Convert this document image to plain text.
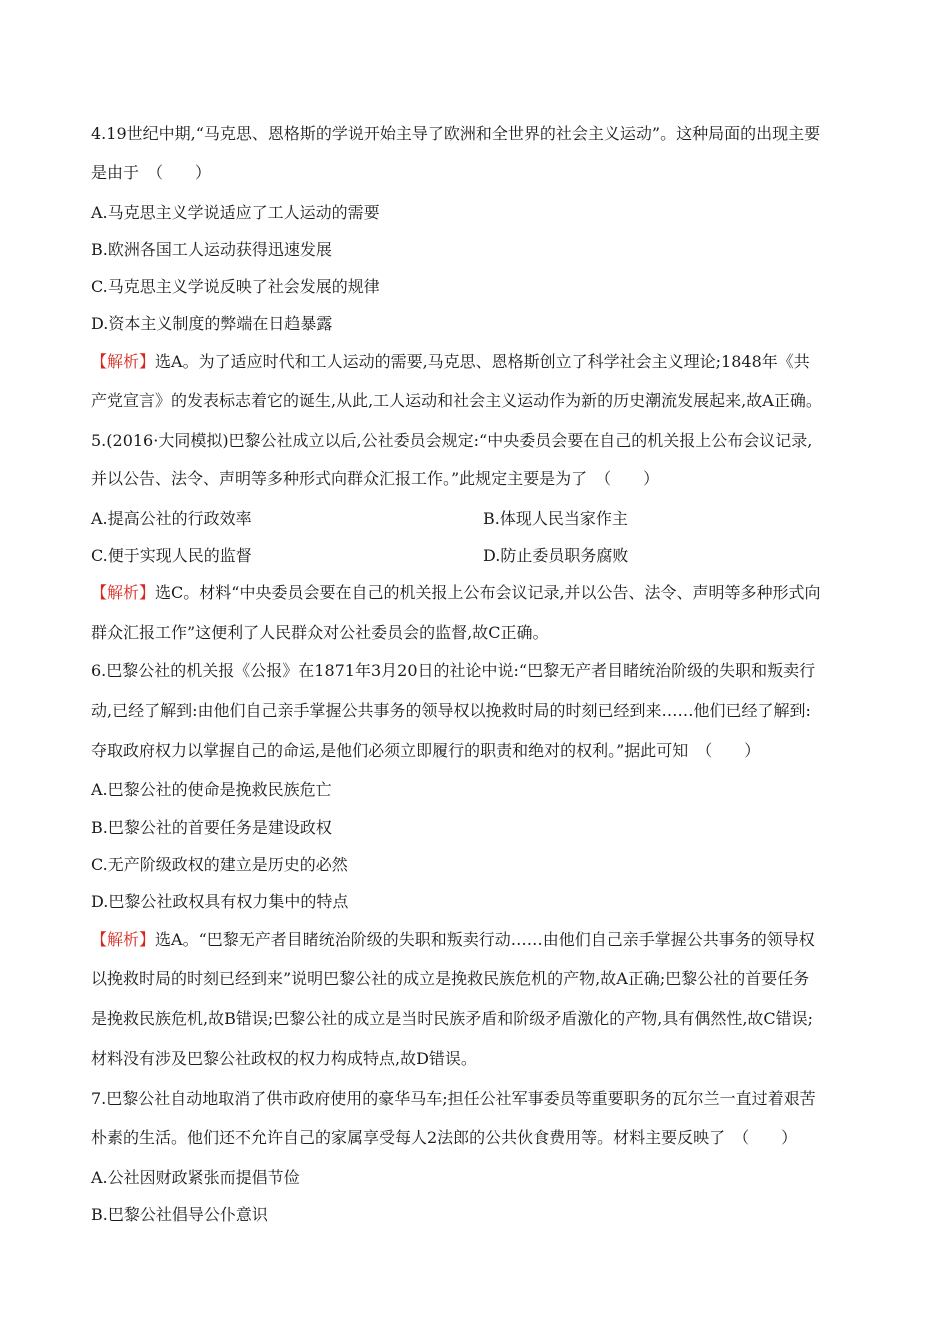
4.19世纪中期,“马克思、恩格斯的学说开始主导了欧洲和全世界的社会主义运动”。这种局面的出现主要
是由于　（　　）
A.马克思主义学说适应了工人运动的需要
B.欧洲各国工人运动获得迅速发展
C.马克思主义学说反映了社会发展的规律
D.资本主义制度的弊端在日趋暴露
【解析】选A。为了适应时代和工人运动的需要,马克思、恩格斯创立了科学社会主义理论;1848年《共
产党宣言》的发表标志着它的诞生,从此,工人运动和社会主义运动作为新的历史潮流发展起来,故A正确。
5.(2016·大同模拟)巴黎公社成立以后,公社委员会规定:“中央委员会要在自己的机关报上公布会议记录,
并以公告、法令、声明等多种形式向群众汇报工作。”此规定主要是为了　（　　）
A.提高公社的行政效率	B.体现人民当家作主
C.便于实现人民的监督	D.防止委员职务腐败
【解析】选C。材料“中央委员会要在自己的机关报上公布会议记录,并以公告、法令、声明等多种形式向
群众汇报工作”这便利了人民群众对公社委员会的监督,故C正确。
6.巴黎公社的机关报《公报》在1871年3月20日的社论中说:“巴黎无产者目睹统治阶级的失职和叛卖行
动,已经了解到:由他们自己亲手掌握公共事务的领导权以挽救时局的时刻已经到来……他们已经了解到:
夺取政府权力以掌握自己的命运,是他们必须立即履行的职责和绝对的权利。”据此可知　（　　）
A.巴黎公社的使命是挽救民族危亡
B.巴黎公社的首要任务是建设政权
C.无产阶级政权的建立是历史的必然
D.巴黎公社政权具有权力集中的特点
【解析】选A。“巴黎无产者目睹统治阶级的失职和叛卖行动……由他们自己亲手掌握公共事务的领导权
以挽救时局的时刻已经到来”说明巴黎公社的成立是挽救民族危机的产物,故A正确;巴黎公社的首要任务
是挽救民族危机,故B错误;巴黎公社的成立是当时民族矛盾和阶级矛盾激化的产物,具有偶然性,故C错误;
材料没有涉及巴黎公社政权的权力构成特点,故D错误。
7.巴黎公社自动地取消了供市政府使用的豪华马车;担任公社军事委员等重要职务的瓦尔兰一直过着艰苦
朴素的生活。他们还不允许自己的家属享受每人2法郎的公共伙食费用等。材料主要反映了　（　　）
A.公社因财政紧张而提倡节俭
B.巴黎公社倡导公仆意识
